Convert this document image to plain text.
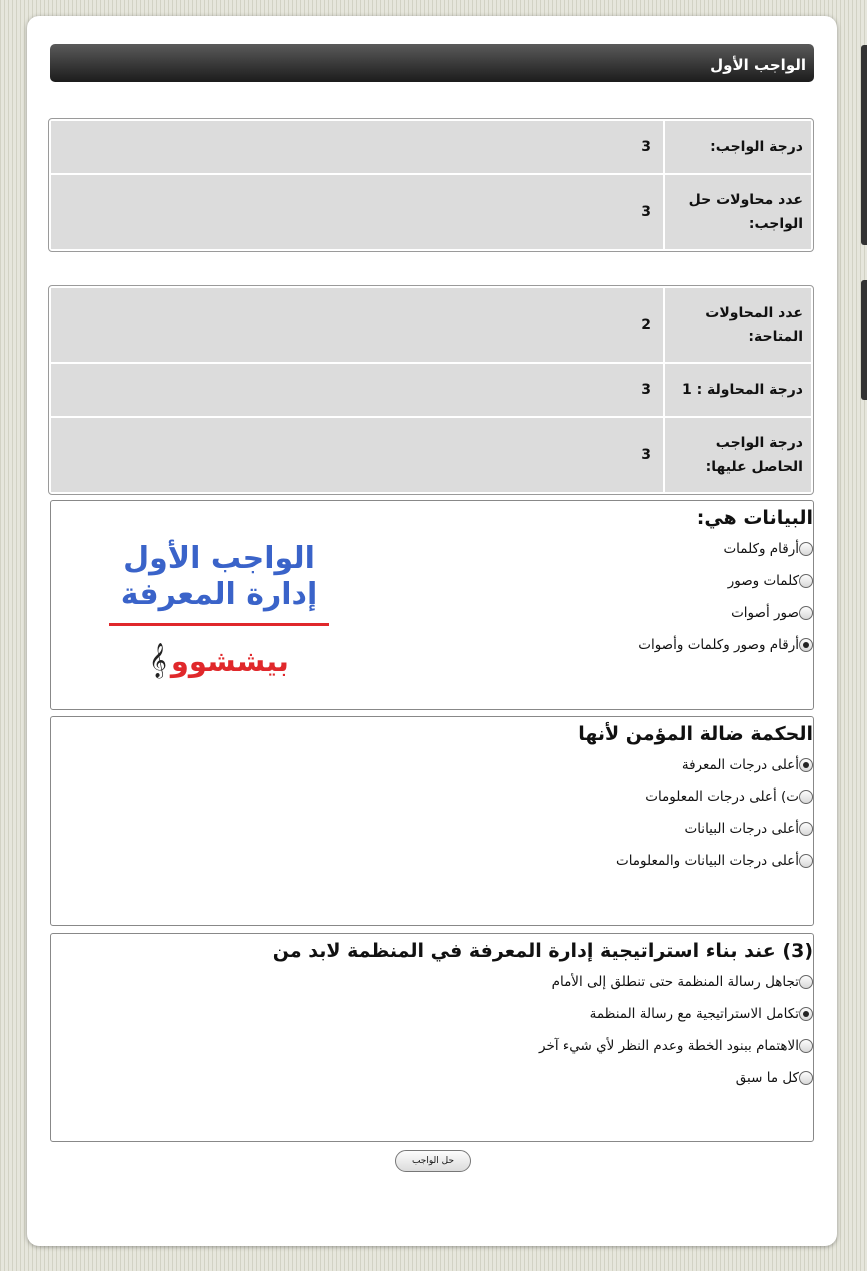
الواجب الأول
درجة الواجب:
3
عدد محاولات حل الواجب:
3
عدد المحاولات المتاحة:
2
درجة المحاولة : 1
3
درجة الواجب الحاصل عليها:
3
البيانات هي:
أرقام وكلمات
كلمات وصور
صور أصوات
أرقام وصور وكلمات وأصوات
الواجب الأول
إدارة المعرفة
بيششوو
𝄞
الحكمة ضالة المؤمن لأنها
أعلى درجات المعرفة
ت) أعلى درجات المعلومات
أعلى درجات البيانات
أعلى درجات البيانات والمعلومات
(3) عند بناء استراتيجية إدارة المعرفة في المنظمة لابد من
تجاهل رسالة المنظمة حتى تنطلق إلى الأمام
تكامل الاستراتيجية مع رسالة المنظمة
الاهتمام ببنود الخطة وعدم النظر لأي شيء آخر
كل ما سبق
حل الواجب
